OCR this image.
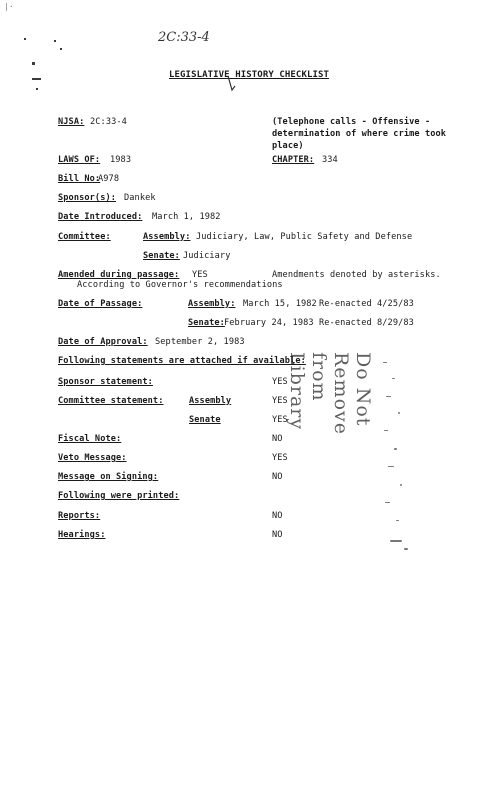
|·
2C:33-4
LEGISLATIVE HISTORY CHECKLIST
NJSA: 2C:33-4	(Telephone calls - Offensive -
determination of where crime took
place)
LAWS OF: 1983	CHAPTER: 334
Bill No:
A978
Sponsor(s): Dankek
Date Introduced: March 1, 1982
Committee:	Assembly: Judiciary, Law, Public Safety and Defense
Senate: Judiciary
Amended during passage: YES	Amendments denoted by asterisks.
According to Governor's recommendations
Date of Passage:	Assembly: March 15, 1982 Re-enacted 4/25/83
Senate: February 24, 1983 Re-enacted 8/29/83
Date of Approval: September 2, 1983
Following statements are attached if available:
Sponsor statement:	YES
Committee statement:	Assembly	YES
Senate	YES
Fiscal Note:	NO
Veto Message:	YES
Message on Signing:	NO
Following were printed:
Reports:	NO
Hearings:	NO
Do Not Remove from Library
